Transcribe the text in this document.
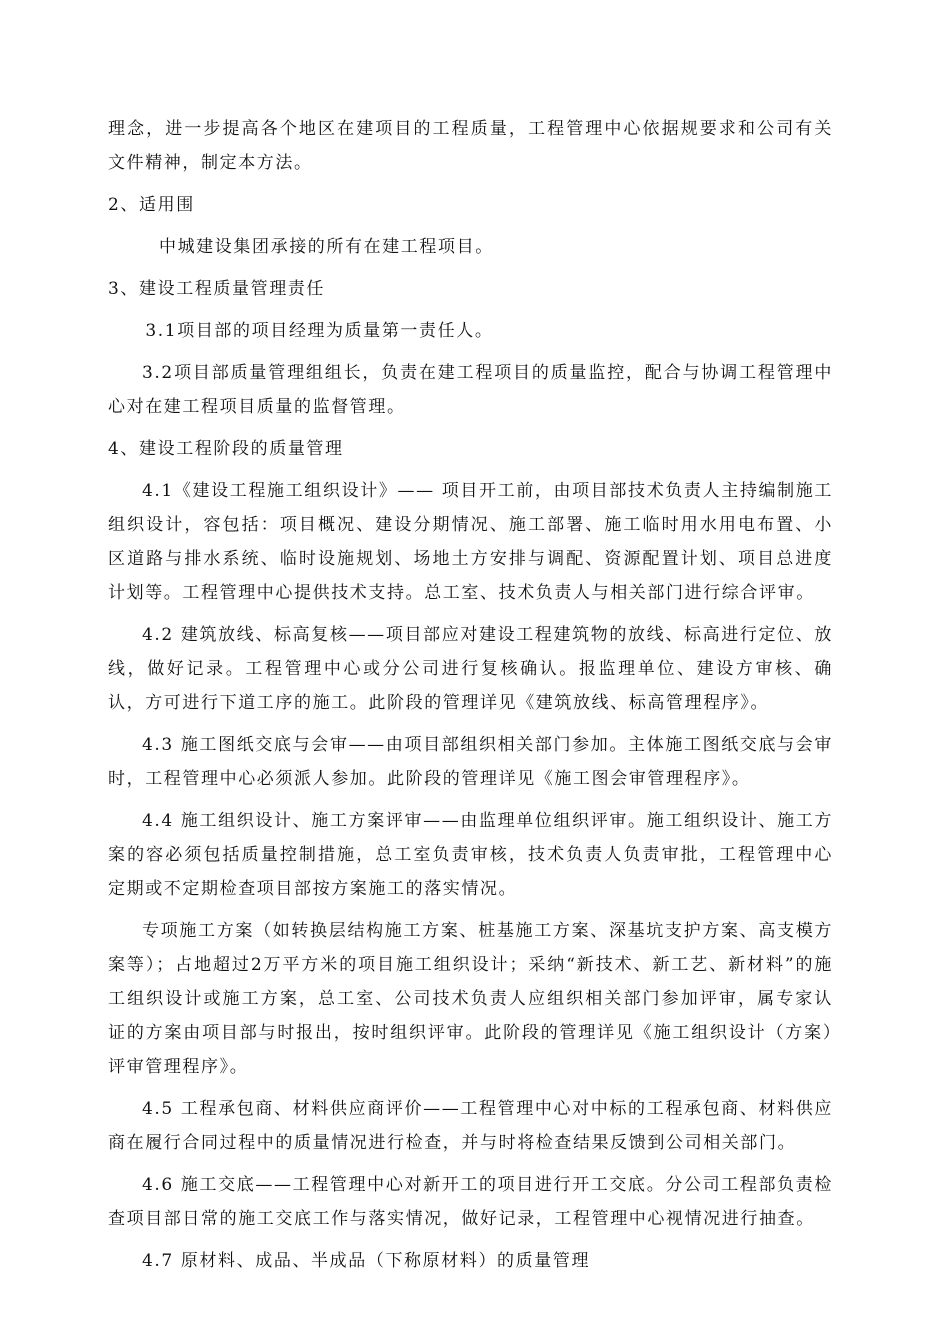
理念，进一步提高各个地区在建项目的工程质量，工程管理中心依据规要求和公司有关文件精神，制定本方法。

2、适用围

中城建设集团承接的所有在建工程项目。

3、建设工程质量管理责任

3.1项目部的项目经理为质量第一责任人。

3.2项目部质量管理组组长，负责在建工程项目的质量监控，配合与协调工程管理中心对在建工程项目质量的监督管理。

4、建设工程阶段的质量管理

4.1《建设工程施工组织设计》—— 项目开工前，由项目部技术负责人主持编制施工组织设计，容包括：项目概况、建设分期情况、施工部署、施工临时用水用电布置、小区道路与排水系统、临时设施规划、场地土方安排与调配、资源配置计划、项目总进度计划等。工程管理中心提供技术支持。总工室、技术负责人与相关部门进行综合评审。

4.2 建筑放线、标高复核——项目部应对建设工程建筑物的放线、标高进行定位、放线，做好记录。工程管理中心或分公司进行复核确认。报监理单位、建设方审核、确认，方可进行下道工序的施工。此阶段的管理详见《建筑放线、标高管理程序》。

4.3 施工图纸交底与会审——由项目部组织相关部门参加。主体施工图纸交底与会审时，工程管理中心必须派人参加。此阶段的管理详见《施工图会审管理程序》。

4.4 施工组织设计、施工方案评审——由监理单位组织评审。施工组织设计、施工方案的容必须包括质量控制措施，总工室负责审核，技术负责人负责审批，工程管理中心定期或不定期检查项目部按方案施工的落实情况。

专项施工方案（如转换层结构施工方案、桩基施工方案、深基坑支护方案、高支模方案等）；占地超过2万平方米的项目施工组织设计；采纳“新技术、新工艺、新材料”的施工组织设计或施工方案，总工室、公司技术负责人应组织相关部门参加评审，属专家认证的方案由项目部与时报出，按时组织评审。此阶段的管理详见《施工组织设计（方案）评审管理程序》。

4.5 工程承包商、材料供应商评价——工程管理中心对中标的工程承包商、材料供应商在履行合同过程中的质量情况进行检查，并与时将检查结果反馈到公司相关部门。

4.6 施工交底——工程管理中心对新开工的项目进行开工交底。分公司工程部负责检查项目部日常的施工交底工作与落实情况，做好记录，工程管理中心视情况进行抽查。

4.7 原材料、成品、半成品（下称原材料）的质量管理
